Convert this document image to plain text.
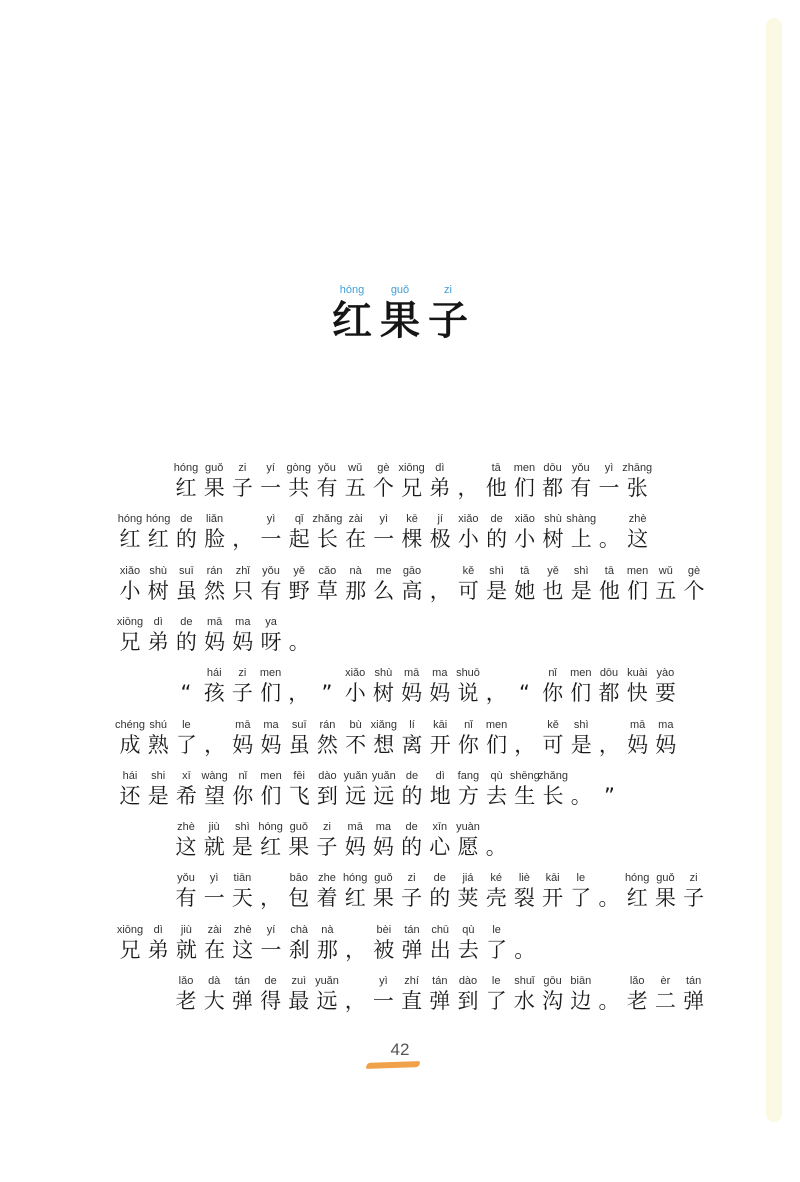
hóng
红
guǒ
果
zi
子
hóng
红
guǒ
果
zi
子
yí
一
gòng
共
yǒu
有
wǔ
五
gè
个
xiōng
兄
dì
弟 ，
tā
他
men
们
dōu
都
yǒu
有
yì
一
zhāng
张
hóng
红
hóng
红
de
的
liǎn
脸 ，
yì
一
qǐ
起
zhǎng
长
zài
在
yì
一
kē
棵
jí
极
xiǎo
小
de
的
xiǎo
小
shù
树
shàng
上 。
zhè
这
xiǎo
小
shù
树
suī
虽
rán
然
zhǐ
只
yǒu
有
yě
野
cǎo
草
nà
那
me
么
gāo
高 ，
kě
可
shì
是
tā
她
yě
也
shì
是
tā
他
men
们
wǔ
五
gè
个
xiōng
兄
dì
弟
de
的
mā
妈
ma
妈
ya
呀 。
“
hái
孩
zi
子
men
们 ， ”
xiǎo
小
shù
树
mā
妈
ma
妈
shuō
说 ， “
nǐ
你
men
们
dōu
都
kuài
快
yào
要
chéng
成
shú
熟
le
了 ，
mā
妈
ma
妈
suī
虽
rán
然
bù
不
xiǎng
想
lí
离
kāi
开
nǐ
你
men
们 ，
kě
可
shì
是 ，
mā
妈
ma
妈
hái
还
shi
是
xī
希
wàng
望
nǐ
你
men
们
fēi
飞
dào
到
yuǎn
远
yuǎn
远
de
的
dì
地
fang
方
qù
去
shēng
生
zhǎng
长 。 ”
zhè
这
jiù
就
shì
是
hóng
红
guǒ
果
zi
子
mā
妈
ma
妈
de
的
xīn
心
yuàn
愿 。
yǒu
有
yì
一
tiān
天 ，
bāo
包
zhe
着
hóng
红
guǒ
果
zi
子
de
的
jiá
荚
ké
壳
liè
裂
kāi
开
le
了 。
hóng
红
guǒ
果
zi
子
xiōng
兄
dì
弟
jiù
就
zài
在
zhè
这
yí
一
chà
刹
nà
那 ，
bèi
被
tán
弹
chū
出
qù
去
le
了 。
lǎo
老
dà
大
tán
弹
de
得
zuì
最
yuǎn
远 ，
yì
一
zhí
直
tán
弹
dào
到
le
了
shuǐ
水
gōu
沟
biān
边 。
lǎo
老
èr
二
tán
弹
42
